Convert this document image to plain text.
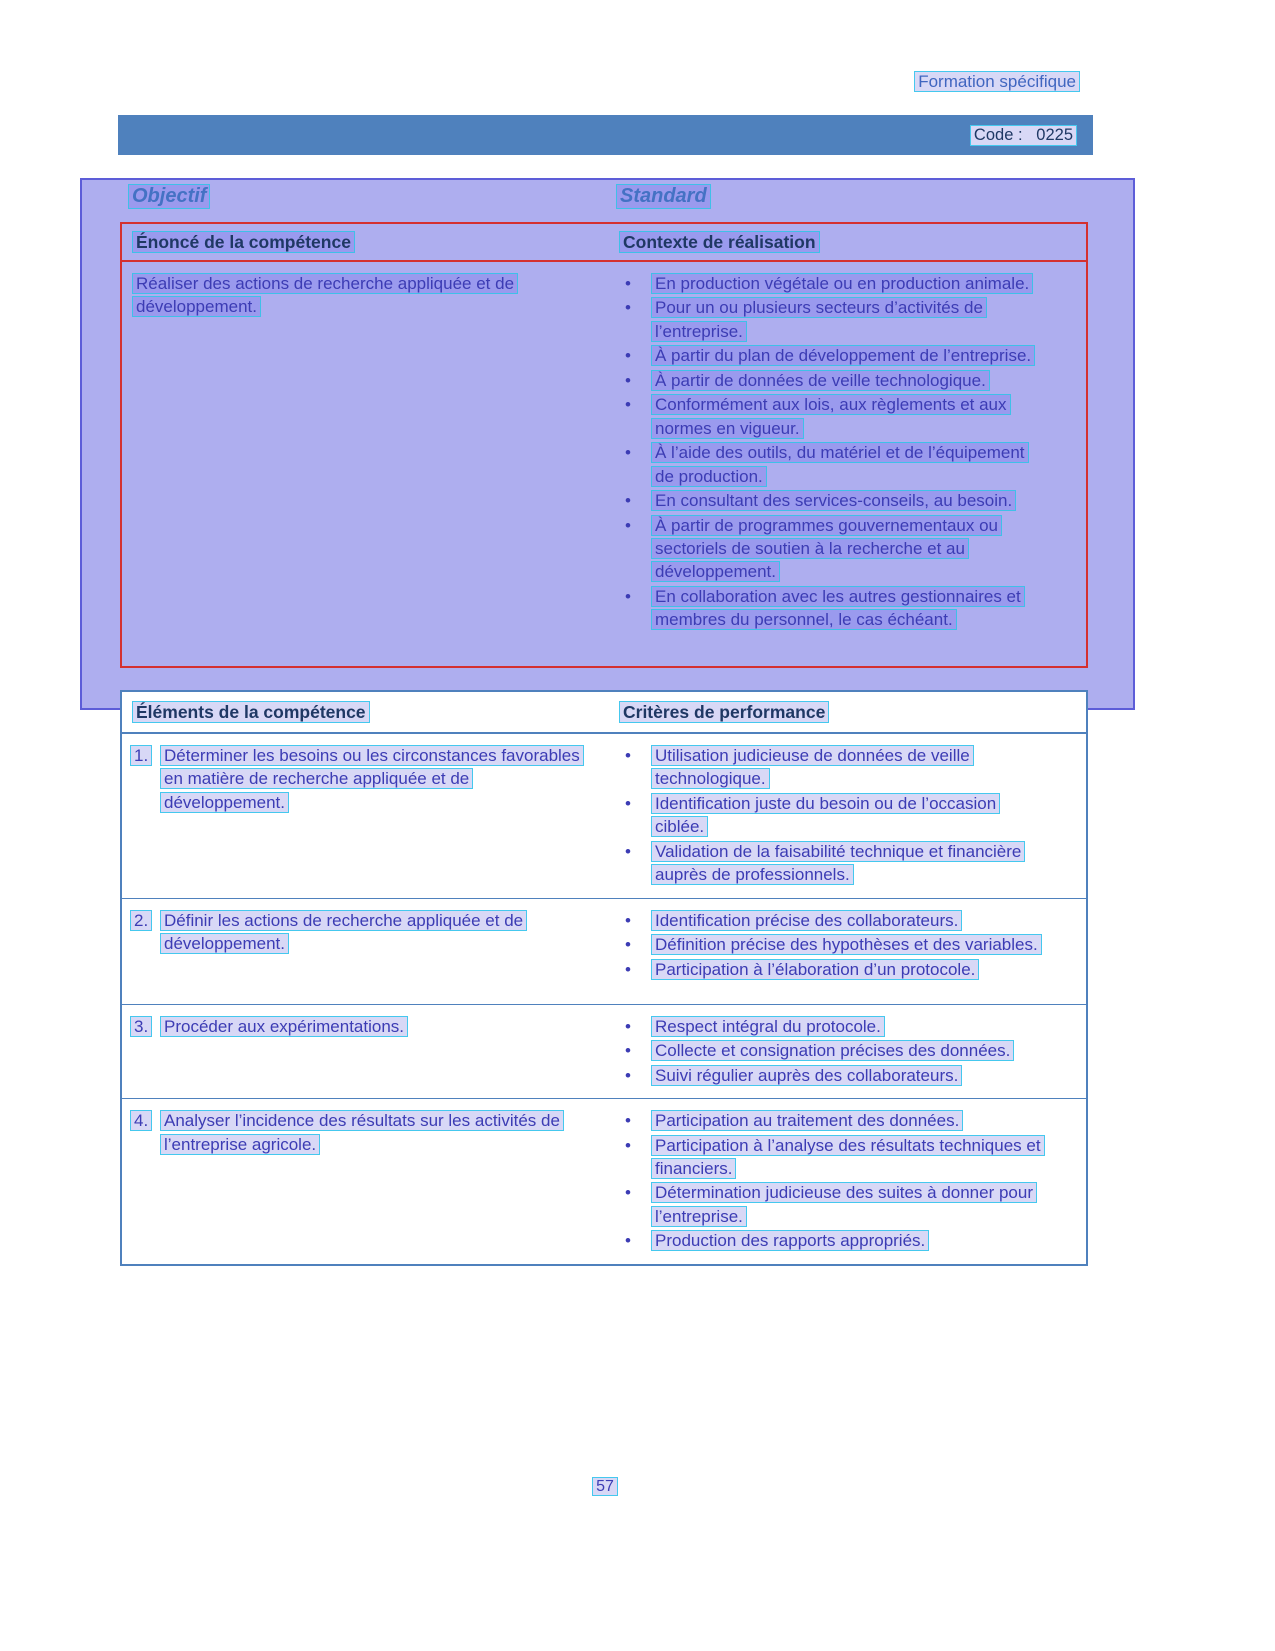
Formation spécifique
Code :   0225
Objectif	Standard
Énoncé de la compétence	Contexte de réalisation
Réaliser des actions de recherche appliquée et de développement.
•	En production végétale ou en production animale.
•	Pour un ou plusieurs secteurs d’activités de l’entreprise.
•	À partir du plan de développement de l’entreprise.
•	À partir de données de veille technologique.
•	Conformément aux lois, aux règlements et aux normes en vigueur.
•	À l’aide des outils, du matériel et de l’équipement de production.
•	En consultant des services-conseils, au besoin.
•	À partir de programmes gouvernementaux ou sectoriels de soutien à la recherche et au développement.
•	En collaboration avec les autres gestionnaires et membres du personnel, le cas échéant.
Éléments de la compétence	Critères de performance
1. Déterminer les besoins ou les circonstances favorables en matière de recherche appliquée et de développement.
•	Utilisation judicieuse de données de veille technologique.
•	Identification juste du besoin ou de l’occasion ciblée.
•	Validation de la faisabilité technique et financière auprès de professionnels.
2. Définir les actions de recherche appliquée et de développement.
•	Identification précise des collaborateurs.
•	Définition précise des hypothèses et des variables.
•	Participation à l’élaboration d’un protocole.
3. Procéder aux expérimentations.	•	Respect intégral du protocole.
•	Collecte et consignation précises des données.
•	Suivi régulier auprès des collaborateurs.
4. Analyser l’incidence des résultats sur les activités de l’entreprise agricole.
•	Participation au traitement des données.
•	Participation à l’analyse des résultats techniques et financiers.
•	Détermination judicieuse des suites à donner pour l’entreprise.
•	Production des rapports appropriés.
57
